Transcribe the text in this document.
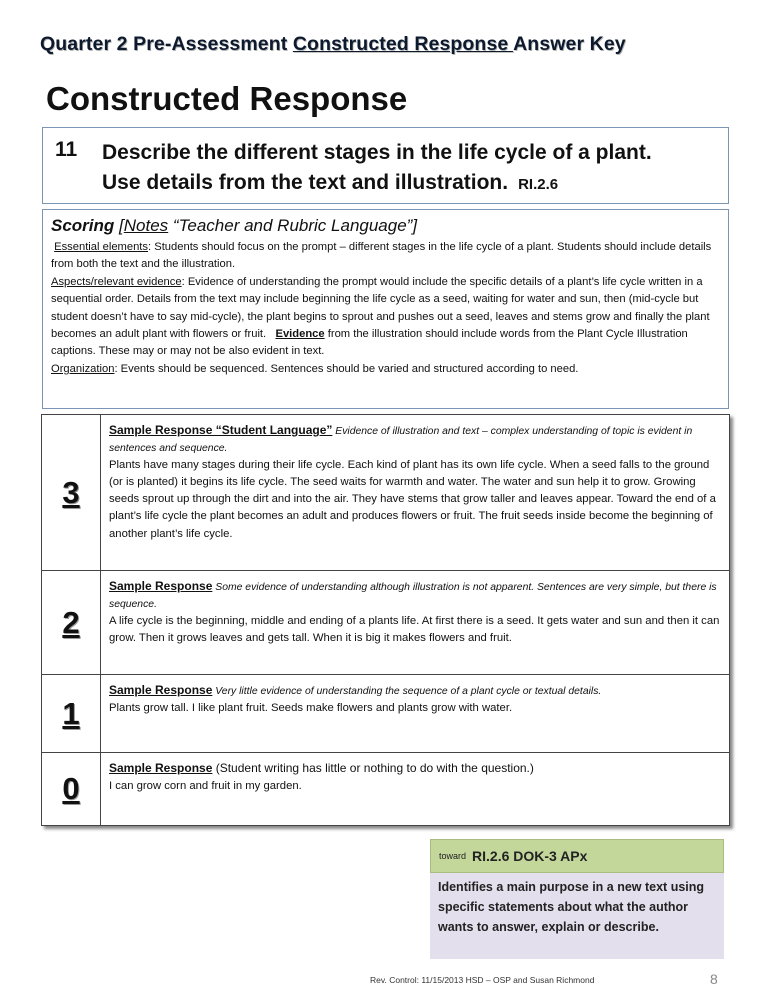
Quarter 2 Pre-Assessment Constructed Response Answer Key
Constructed Response
11 Describe the different stages in the life cycle of a plant.
Use details from the text and illustration. RI.2.6
Scoring [Notes “Teacher and Rubric Language”]
Essential elements: Students should focus on the prompt – different stages in the life cycle of a plant. Students should include details from both the text and the illustration.
Aspects/relevant evidence: Evidence of understanding the prompt would include the specific details of a plant’s life cycle written in a sequential order. Details from the text may include beginning the life cycle as a seed, waiting for water and sun, then (mid-cycle but student doesn’t have to say mid-cycle), the plant begins to sprout and pushes out a seed, leaves and stems grow and finally the plant becomes an adult plant with flowers or fruit. Evidence from the illustration should include words from the Plant Cycle Illustration captions. These may or may not be also evident in text.
Organization: Events should be sequenced. Sentences should be varied and structured according to need.
3
Sample Response “Student Language” Evidence of illustration and text – complex understanding of topic is evident in sentences and sequence.
Plants have many stages during their life cycle. Each kind of plant has its own life cycle. When a seed falls to the ground (or is planted) it begins its life cycle. The seed waits for warmth and water. The water and sun help it to grow. Growing seeds sprout up through the dirt and into the air. They have stems that grow taller and leaves appear. Toward the end of a plant’s life cycle the plant becomes an adult and produces flowers or fruit. The fruit seeds inside become the beginning of another plant’s life cycle.
2
Sample Response Some evidence of understanding although illustration is not apparent. Sentences are very simple, but there is sequence.
A life cycle is the beginning, middle and ending of a plants life. At first there is a seed. It gets water and sun and then it can grow. Then it grows leaves and gets tall. When it is big it makes flowers and fruit.
1
Sample Response Very little evidence of understanding the sequence of a plant cycle or textual details.
Plants grow tall. I like plant fruit. Seeds make flowers and plants grow with water.
0
Sample Response (Student writing has little or nothing to do with the question.)
I can grow corn and fruit in my garden.
toward RI.2.6 DOK-3 APx
Identifies a main purpose in a new text using specific statements about what the author wants to answer, explain or describe.
Rev. Control: 11/15/2013 HSD – OSP and Susan Richmond	8
